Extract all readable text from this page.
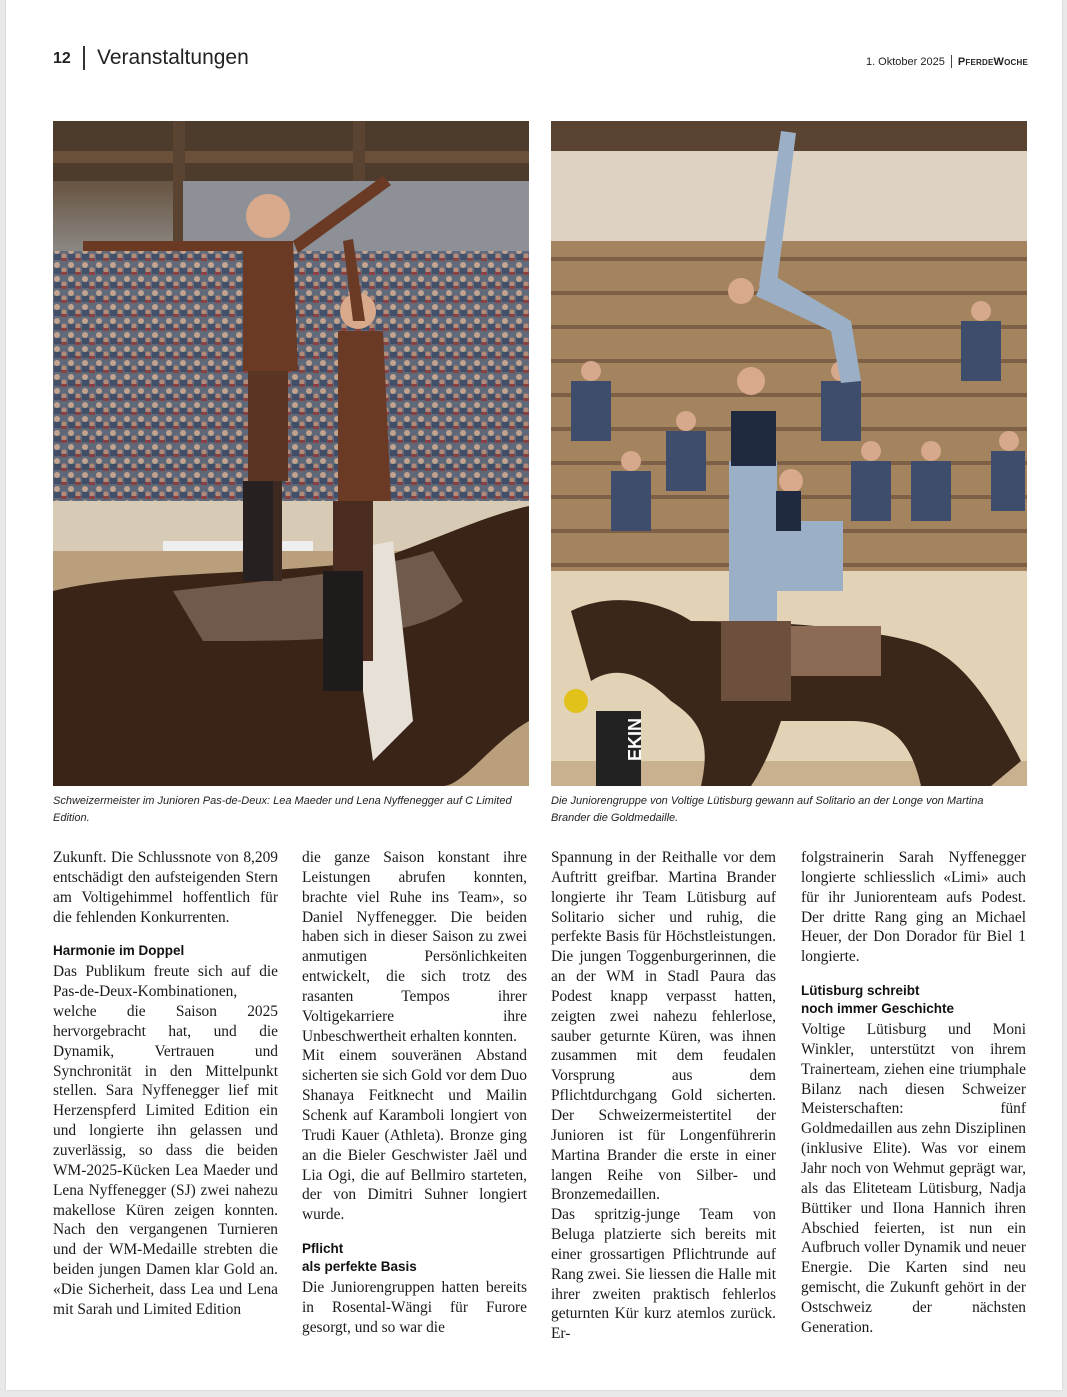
12 Veranstaltungen	1. Oktober 2025 PferdeWoche
EKIN
Schweizermeister im Junioren Pas-de-Deux: Lea Maeder und Lena Nyffenegger auf C Limited Edition.
Die Juniorengruppe von Voltige Lütisburg gewann auf Solitario an der Longe von Martina Brander die Goldmedaille.

Zukunft. Die Schlussnote von 8,209 entschädigt den aufsteigenden Stern am Voltigehimmel hoffentlich für die fehlenden Konkurrenten.

Harmonie im Doppel

Das Publikum freute sich auf die Pas-de-Deux-Kombinationen, welche die Saison 2025 hervorgebracht hat, und die Dynamik, Vertrauen und Synchronität in den Mittelpunkt stellen. Sara Nyffenegger lief mit Herzenspferd Limited Edition ein und longierte ihn gelassen und zuverlässig, so dass die beiden WM-2025-Kücken Lea Maeder und Lena Nyffenegger (SJ) zwei nahezu makellose Küren zeigen konnten. Nach den vergangenen Turnieren und der WM-Medaille strebten die beiden jungen Damen klar Gold an. «Die Sicherheit, dass Lea und Lena mit Sarah und Limited Edition

die ganze Saison konstant ihre Leistungen abrufen konnten, brachte viel Ruhe ins Team», so Daniel Nyffenegger. Die beiden haben sich in dieser Saison zu zwei anmutigen Persönlichkeiten entwickelt, die sich trotz des rasanten Tempos ihrer Voltigekarriere ihre Unbeschwertheit erhalten konnten.

Mit einem souveränen Abstand sicherten sie sich Gold vor dem Duo Shanaya Feitknecht und Mailin Schenk auf Karamboli longiert von Trudi Kauer (Athleta). Bronze ging an die Bieler Geschwister Jaël und Lia Ogi, die auf Bellmiro starteten, der von Dimitri Suhner longiert wurde.

Pflicht
als perfekte Basis

Die Juniorengruppen hatten bereits in Rosental-Wängi für Furore gesorgt, und so war die

Spannung in der Reithalle vor dem Auftritt greifbar. Martina Brander longierte ihr Team Lütisburg auf Solitario sicher und ruhig, die perfekte Basis für Höchstleistungen. Die jungen Toggenburgerinnen, die an der WM in Stadl Paura das Podest knapp verpasst hatten, zeigten zwei nahezu fehlerlose, sauber geturnte Küren, was ihnen zusammen mit dem feudalen Vorsprung aus dem Pflichtdurchgang Gold sicherten. Der Schweizermeistertitel der Junioren ist für Longenführerin Martina Brander die erste in einer langen Reihe von Silber- und Bronzemedaillen.

Das spritzig-junge Team von Beluga platzierte sich bereits mit einer grossartigen Pflichtrunde auf Rang zwei. Sie liessen die Halle mit ihrer zweiten praktisch fehlerlos geturnten Kür kurz atemlos zurück. Er-

folgstrainerin Sarah Nyffenegger longierte schliesslich «Limi» auch für ihr Juniorenteam aufs Podest. Der dritte Rang ging an Michael Heuer, der Don Dorador für Biel 1 longierte.

Lütisburg schreibt
noch immer Geschichte

Voltige Lütisburg und Moni Winkler, unterstützt von ihrem Trainerteam, ziehen eine triumphale Bilanz nach diesen Schweizer Meisterschaften: fünf Goldmedaillen aus zehn Disziplinen (inklusive Elite). Was vor einem Jahr noch von Wehmut geprägt war, als das Eliteteam Lütisburg, Nadja Büttiker und Ilona Hannich ihren Abschied feierten, ist nun ein Aufbruch voller Dynamik und neuer Energie. Die Karten sind neu gemischt, die Zukunft gehört in der Ostschweiz der nächsten Generation.
